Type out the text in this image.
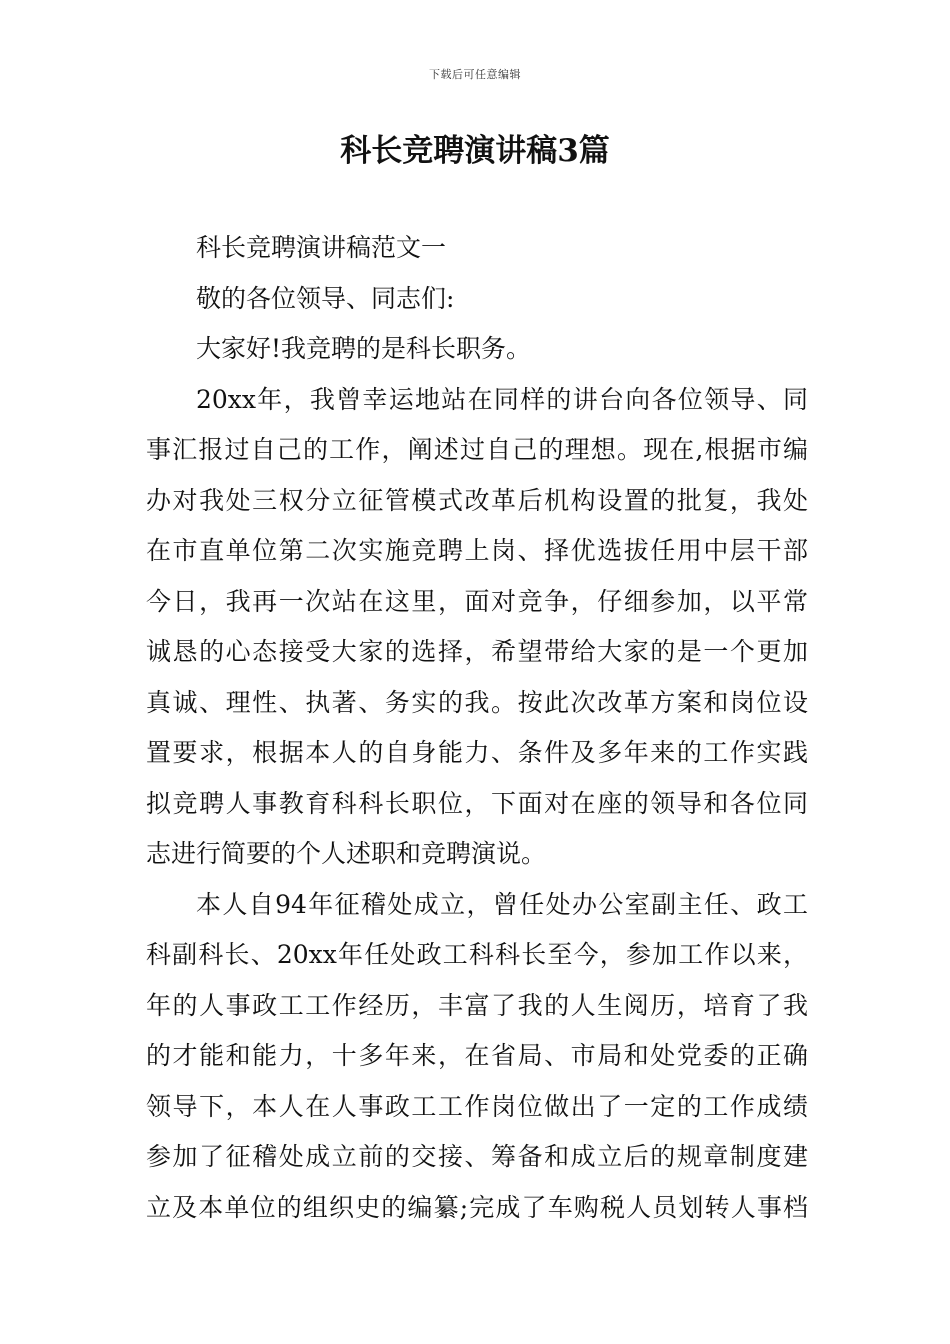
下载后可任意编辑
科长竞聘演讲稿3篇
科长竞聘演讲稿范文一
敬的各位领导、同志们:
大家好!我竞聘的是科长职务。
20xx年，我曾幸运地站在同样的讲台向各位领导、同
事汇报过自己的工作，阐述过自己的理想。现在,根据市编
办对我处三权分立征管模式改革后机构设置的批复，我处
在市直单位第二次实施竞聘上岗、择优选拔任用中层干部
今日，我再一次站在这里，面对竞争，仔细参加，以平常
诚恳的心态接受大家的选择，希望带给大家的是一个更加
真诚、理性、执著、务实的我。按此次改革方案和岗位设
置要求，根据本人的自身能力、条件及多年来的工作实践
拟竞聘人事教育科科长职位，下面对在座的领导和各位同
志进行简要的个人述职和竞聘演说。
本人自94年征稽处成立，曾任处办公室副主任、政工
科副科长、20xx年任处政工科科长至今，参加工作以来，
年的人事政工工作经历，丰富了我的人生阅历，培育了我
的才能和能力，十多年来，在省局、市局和处党委的正确
领导下，本人在人事政工工作岗位做出了一定的工作成绩
参加了征稽处成立前的交接、筹备和成立后的规章制度建
立及本单位的组织史的编纂;完成了车购税人员划转人事档
